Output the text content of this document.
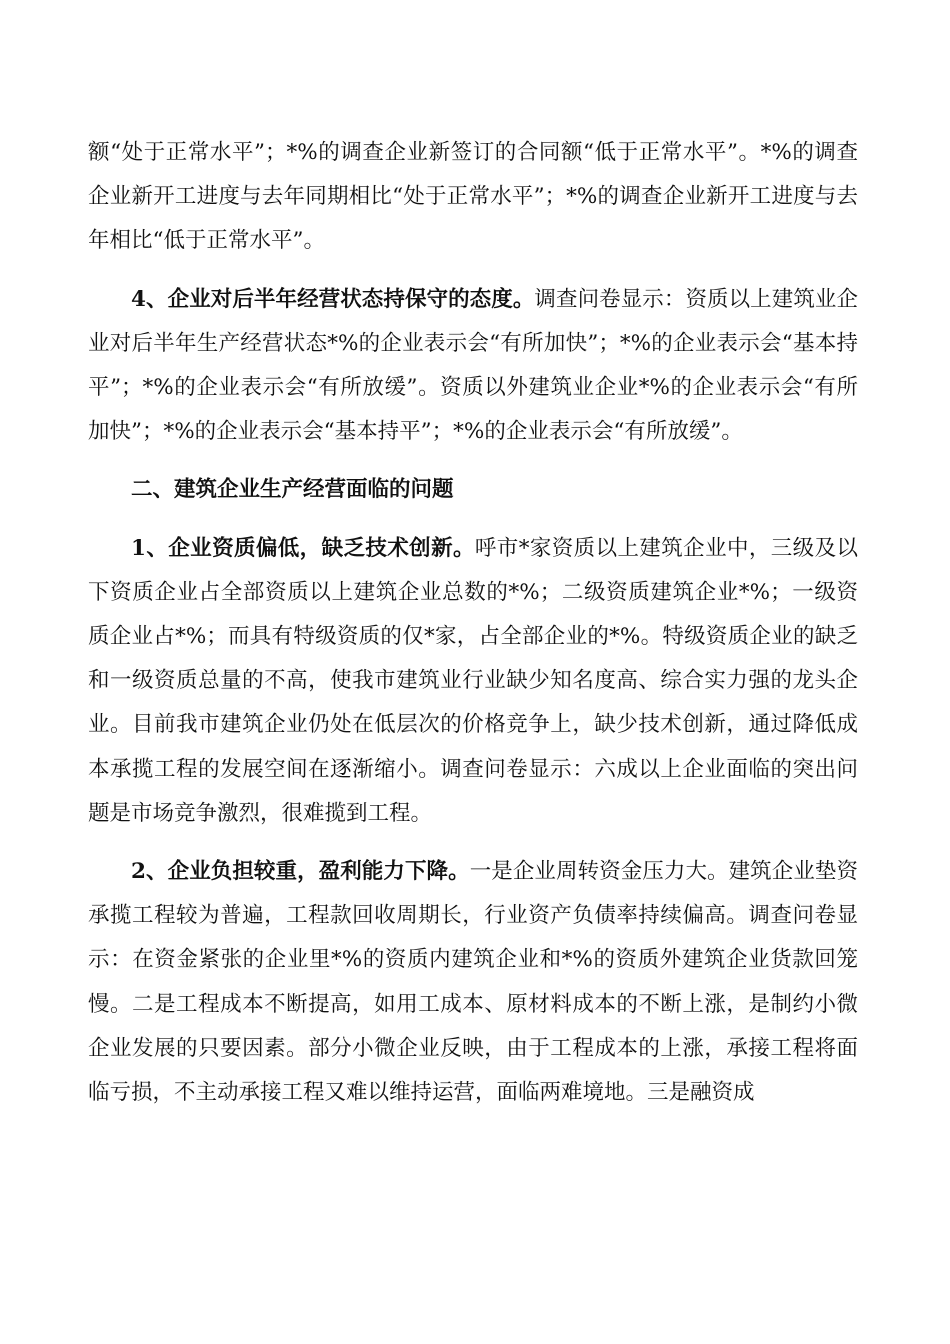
额“处于正常水平”；*%的调查企业新签订的合同额“低于正常水平”。*%的调查企业新开工进度与去年同期相比“处于正常水平”；*%的调查企业新开工进度与去年相比“低于正常水平”。

4、企业对后半年经营状态持保守的态度。调查问卷显示：资质以上建筑业企业对后半年生产经营状态*%的企业表示会“有所加快”；*%的企业表示会“基本持平”；*%的企业表示会“有所放缓”。资质以外建筑业企业*%的企业表示会“有所加快”；*%的企业表示会“基本持平”；*%的企业表示会“有所放缓”。

二、建筑企业生产经营面临的问题

1、企业资质偏低，缺乏技术创新。呼市*家资质以上建筑企业中，三级及以下资质企业占全部资质以上建筑企业总数的*%；二级资质建筑企业*%；一级资质企业占*%；而具有特级资质的仅*家，占全部企业的*%。特级资质企业的缺乏和一级资质总量的不高，使我市建筑业行业缺少知名度高、综合实力强的龙头企业。目前我市建筑企业仍处在低层次的价格竞争上，缺少技术创新，通过降低成本承揽工程的发展空间在逐渐缩小。调查问卷显示：六成以上企业面临的突出问题是市场竞争激烈，很难揽到工程。

2、企业负担较重，盈利能力下降。一是企业周转资金压力大。建筑企业垫资承揽工程较为普遍，工程款回收周期长，行业资产负债率持续偏高。调查问卷显示：在资金紧张的企业里*%的资质内建筑企业和*%的资质外建筑企业货款回笼慢。二是工程成本不断提高，如用工成本、原材料成本的不断上涨，是制约小微企业发展的只要因素。部分小微企业反映，由于工程成本的上涨，承接工程将面临亏损，不主动承接工程又难以维持运营，面临两难境地。三是融资成
